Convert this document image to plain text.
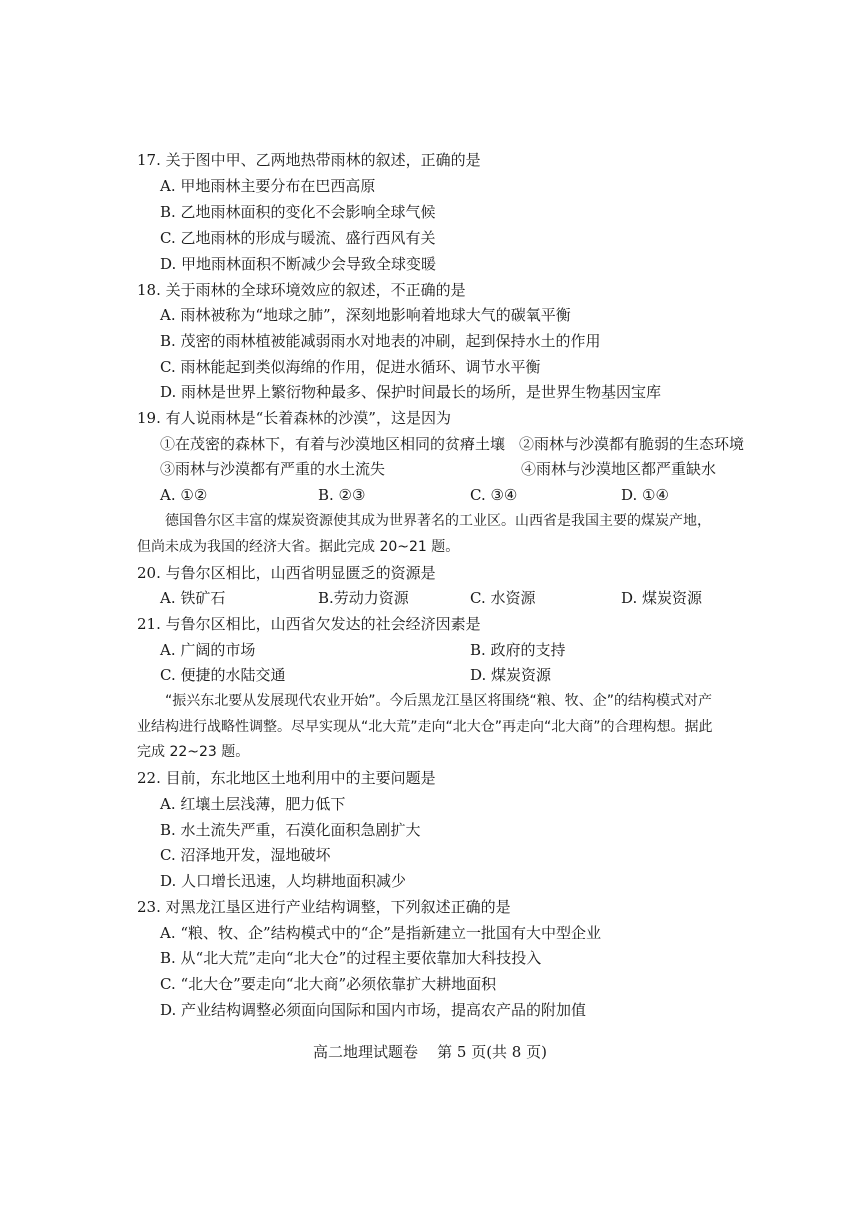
17. 关于图中甲、乙两地热带雨林的叙述，正确的是
A. 甲地雨林主要分布在巴西高原
B. 乙地雨林面积的变化不会影响全球气候
C. 乙地雨林的形成与暖流、盛行西风有关
D. 甲地雨林面积不断减少会导致全球变暖
18. 关于雨林的全球环境效应的叙述，不正确的是
A. 雨林被称为“地球之肺”，深刻地影响着地球大气的碳氧平衡
B. 茂密的雨林植被能减弱雨水对地表的冲刷，起到保持水土的作用
C. 雨林能起到类似海绵的作用，促进水循环、调节水平衡
D. 雨林是世界上繁衍物种最多、保护时间最长的场所，是世界生物基因宝库
19. 有人说雨林是“长着森林的沙漠”，这是因为
①在茂密的森林下，有着与沙漠地区相同的贫瘠土壤 ②雨林与沙漠都有脆弱的生态环境
③雨林与沙漠都有严重的水土流失	④雨林与沙漠地区都严重缺水
A. ①②	B. ②③	C. ③④	D. ①④
德国鲁尔区丰富的煤炭资源使其成为世界著名的工业区。山西省是我国主要的煤炭产地，
但尚未成为我国的经济大省。据此完成 20~21 题。
20. 与鲁尔区相比，山西省明显匮乏的资源是
A. 铁矿石	B.劳动力资源	C. 水资源	D. 煤炭资源
21. 与鲁尔区相比，山西省欠发达的社会经济因素是
A. 广阔的市场	B. 政府的支持
C. 便捷的水陆交通	D. 煤炭资源
“振兴东北要从发展现代农业开始”。今后黑龙江垦区将围绕“粮、牧、企”的结构模式对产
业结构进行战略性调整。尽早实现从“北大荒”走向“北大仓”再走向“北大商”的合理构想。据此
完成 22~23 题。
22. 目前，东北地区土地利用中的主要问题是
A. 红壤土层浅薄，肥力低下
B. 水土流失严重，石漠化面积急剧扩大
C. 沼泽地开发，湿地破坏
D. 人口增长迅速，人均耕地面积减少
23. 对黑龙江垦区进行产业结构调整，下列叙述正确的是
A. “粮、牧、企”结构模式中的“企”是指新建立一批国有大中型企业
B. 从“北大荒”走向“北大仓”的过程主要依靠加大科技投入
C. “北大仓”要走向“北大商”必须依靠扩大耕地面积
D. 产业结构调整必须面向国际和国内市场，提高农产品的附加值
高二地理试题卷 第 5 页(共 8 页)
